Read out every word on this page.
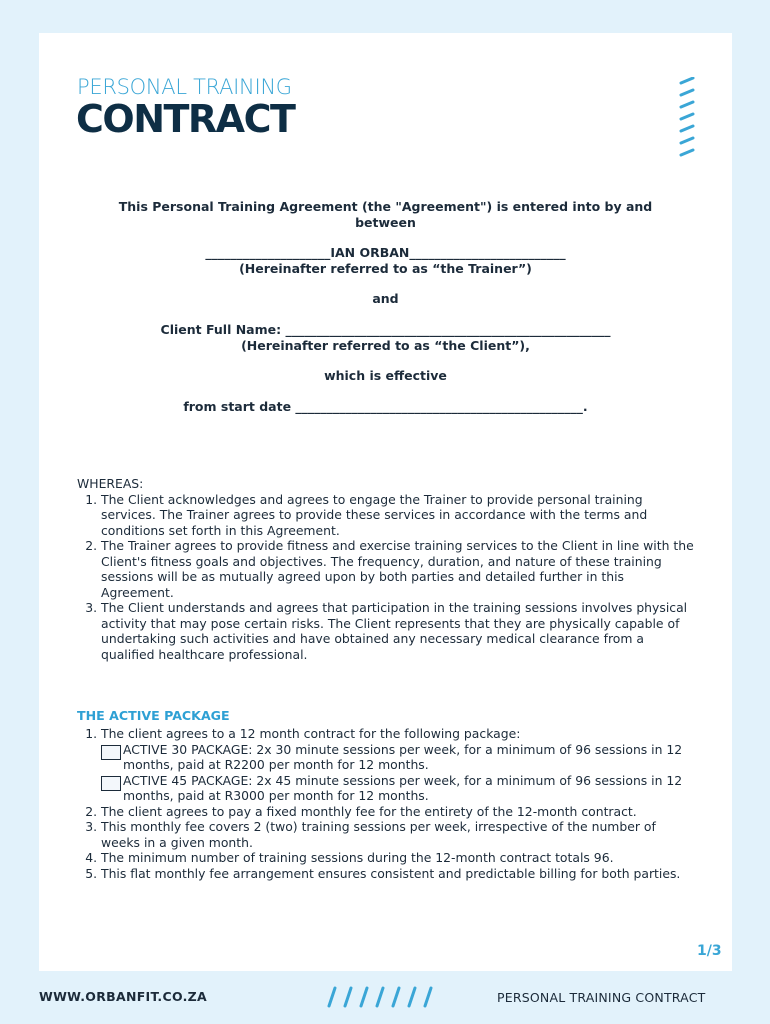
PERSONAL TRAINING
CONTRACT
This Personal Training Agreement (the "Agreement") is entered into by and between
____________________IAN ORBAN_________________________
(Hereinafter referred to as “the Trainer”)
and
Client Full Name: ____________________________________________________
(Hereinafter referred to as “the Client”),
which is effective
from start date ______________________________________________.
WHEREAS:
1. The Client acknowledges and agrees to engage the Trainer to provide personal training services. The Trainer agrees to provide these services in accordance with the terms and conditions set forth in this Agreement.
2. The Trainer agrees to provide fitness and exercise training services to the Client in line with the Client's fitness goals and objectives. The frequency, duration, and nature of these training sessions will be as mutually agreed upon by both parties and detailed further in this Agreement.
3. The Client understands and agrees that participation in the training sessions involves physical activity that may pose certain risks. The Client represents that they are physically capable of undertaking such activities and have obtained any necessary medical clearance from a qualified healthcare professional.
THE ACTIVE PACKAGE
1. The client agrees to a 12 month contract for the following package:
ACTIVE 30 PACKAGE: 2x 30 minute sessions per week, for a minimum of 96 sessions in 12 months, paid at R2200 per month for 12 months.
ACTIVE 45 PACKAGE: 2x 45 minute sessions per week, for a minimum of 96 sessions in 12 months, paid at R3000 per month for 12 months.
2. The client agrees to pay a fixed monthly fee for the entirety of the 12-month contract.
3. This monthly fee covers 2 (two) training sessions per week, irrespective of the number of weeks in a given month.
4. The minimum number of training sessions during the 12-month contract totals 96.
5. This flat monthly fee arrangement ensures consistent and predictable billing for both parties.
1/3
WWW.ORBANFIT.CO.ZA	PERSONAL TRAINING CONTRACT
